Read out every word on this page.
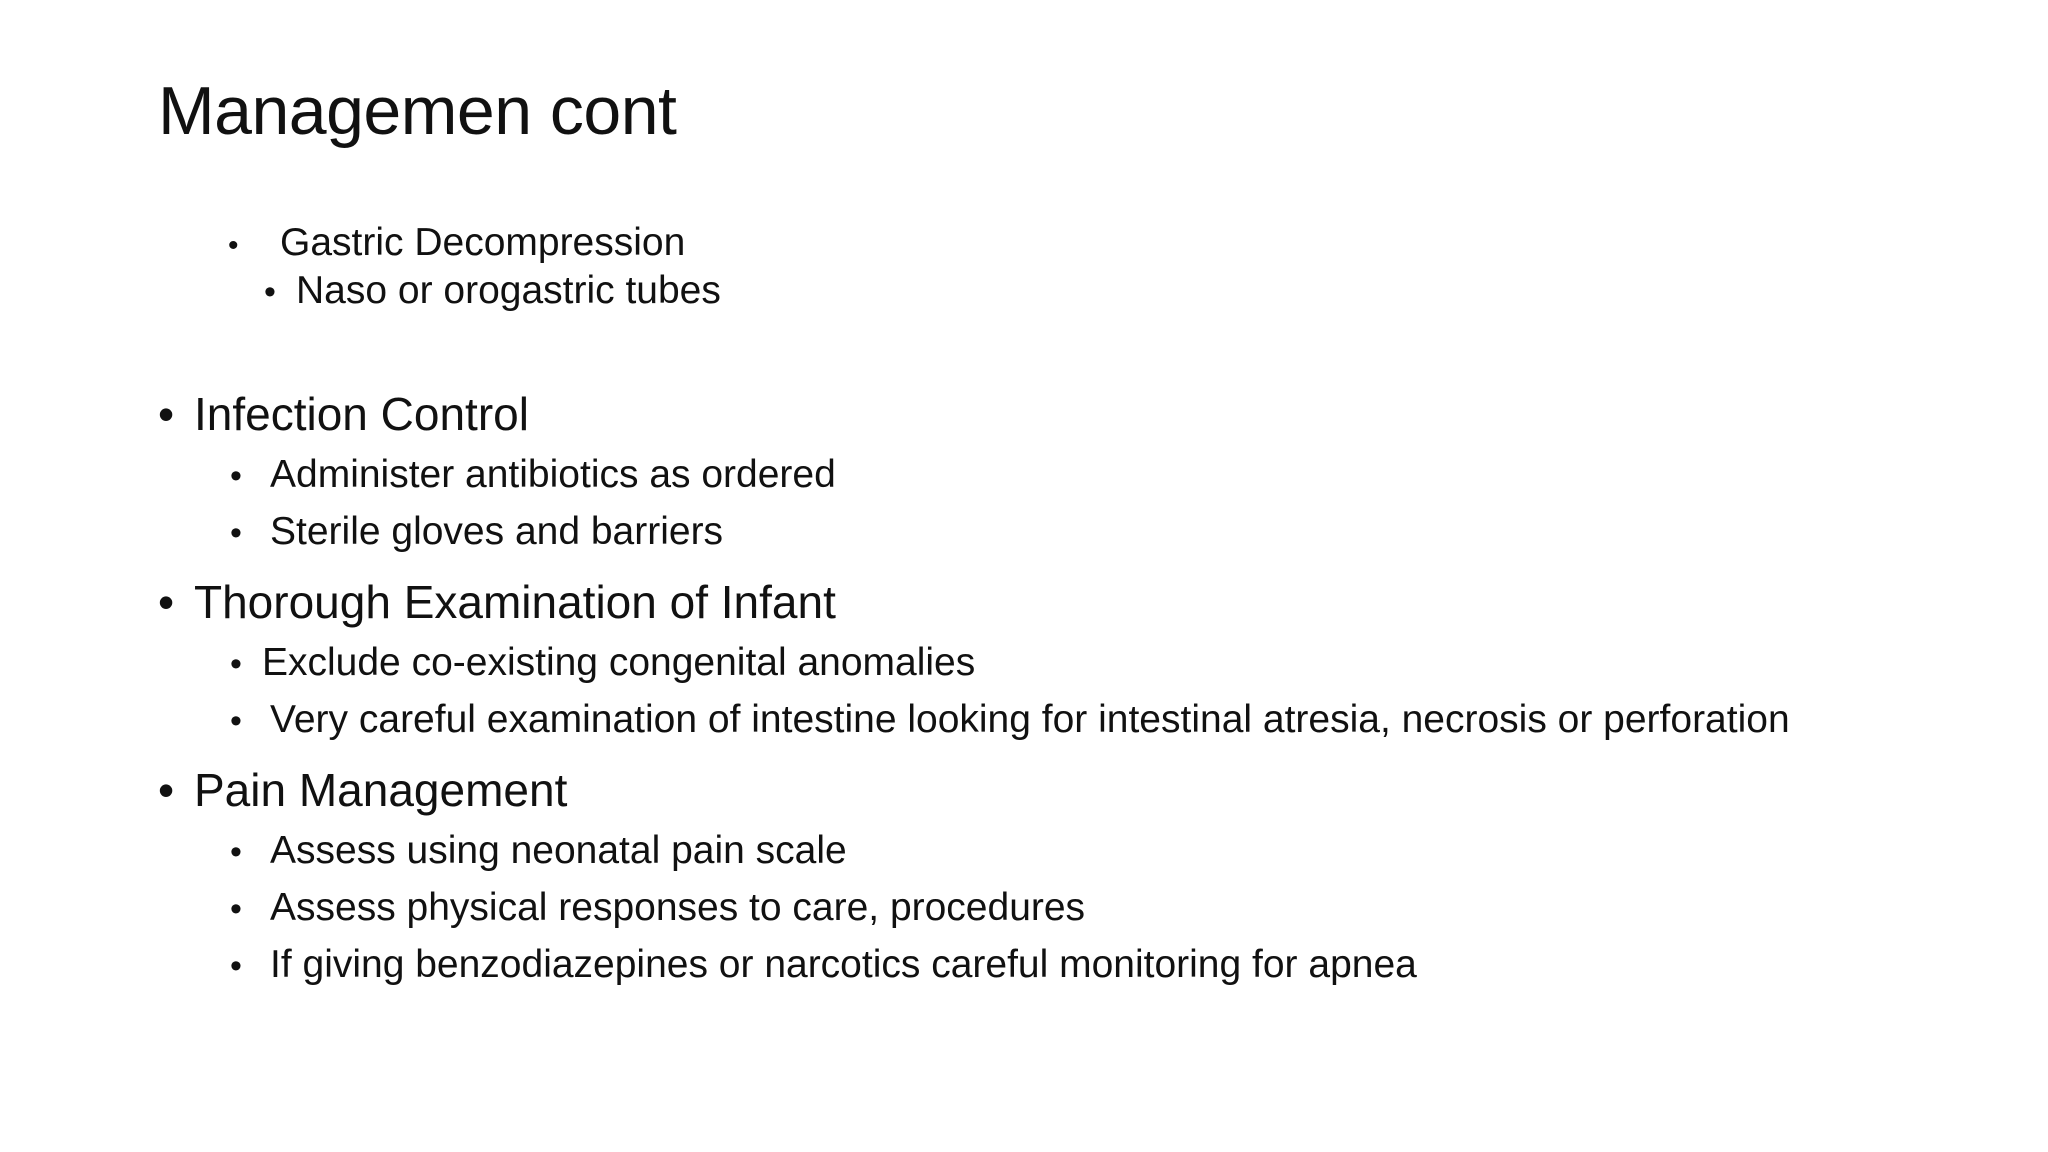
Managemen cont
•	Gastric Decompression
• Naso or orogastric tubes
• Infection Control
• Administer antibiotics as ordered
• Sterile gloves and barriers
• Thorough Examination of Infant
• Exclude co-existing congenital anomalies
• Very careful examination of intestine looking for intestinal atresia, necrosis or perforation
• Pain Management
• Assess using neonatal pain scale
• Assess physical responses to care, procedures
• If giving benzodiazepines or narcotics careful monitoring for apnea
